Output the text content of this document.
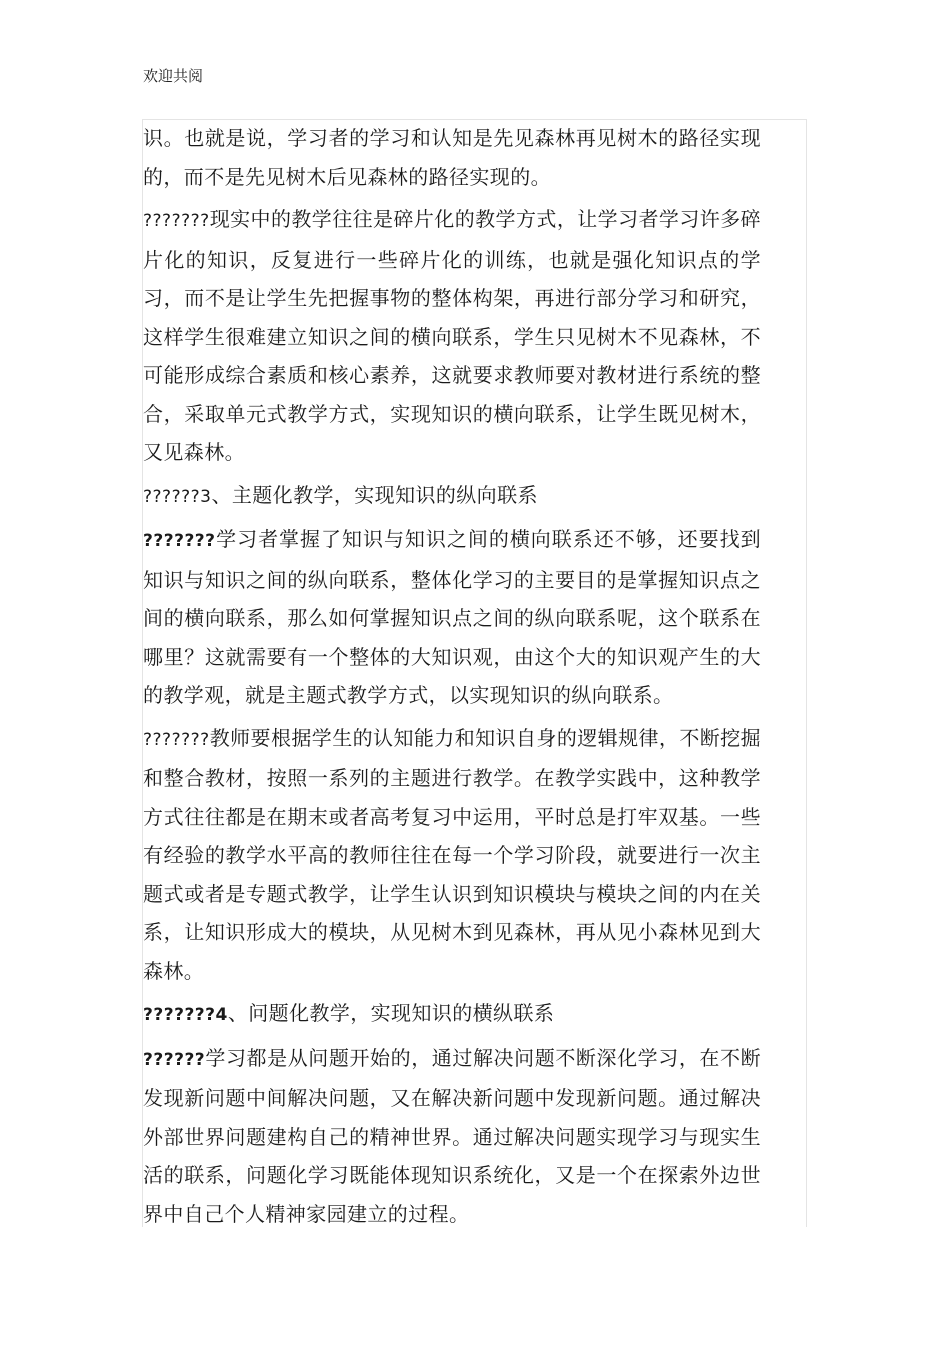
欢迎共阅

识。也就是说，学习者的学习和认知是先见森林再见树木的路径实现的，而不是先见树木后见森林的路径实现的。

???????现实中的教学往往是碎片化的教学方式，让学习者学习许多碎片化的知识，反复进行一些碎片化的训练，也就是强化知识点的学习，而不是让学生先把握事物的整体构架，再进行部分学习和研究，这样学生很难建立知识之间的横向联系，学生只见树木不见森林，不可能形成综合素质和核心素养，这就要求教师要对教材进行系统的整合，采取单元式教学方式，实现知识的横向联系，让学生既见树木，又见森林。

??????3、主题化教学，实现知识的纵向联系

???????学习者掌握了知识与知识之间的横向联系还不够，还要找到知识与知识之间的纵向联系，整体化学习的主要目的是掌握知识点之间的横向联系，那么如何掌握知识点之间的纵向联系呢，这个联系在哪里？这就需要有一个整体的大知识观，由这个大的知识观产生的大的教学观，就是主题式教学方式，以实现知识的纵向联系。

???????教师要根据学生的认知能力和知识自身的逻辑规律，不断挖掘和整合教材，按照一系列的主题进行教学。在教学实践中，这种教学方式往往都是在期末或者高考复习中运用，平时总是打牢双基。一些有经验的教学水平高的教师往往在每一个学习阶段，就要进行一次主题式或者是专题式教学，让学生认识到知识模块与模块之间的内在关系，让知识形成大的模块，从见树木到见森林，再从见小森林见到大森林。

???????4、问题化教学，实现知识的横纵联系

??????学习都是从问题开始的，通过解决问题不断深化学习，在不断发现新问题中间解决问题，又在解决新问题中发现新问题。通过解决外部世界问题建构自己的精神世界。通过解决问题实现学习与现实生活的联系，问题化学习既能体现知识系统化，又是一个在探索外边世界中自己个人精神家园建立的过程。
